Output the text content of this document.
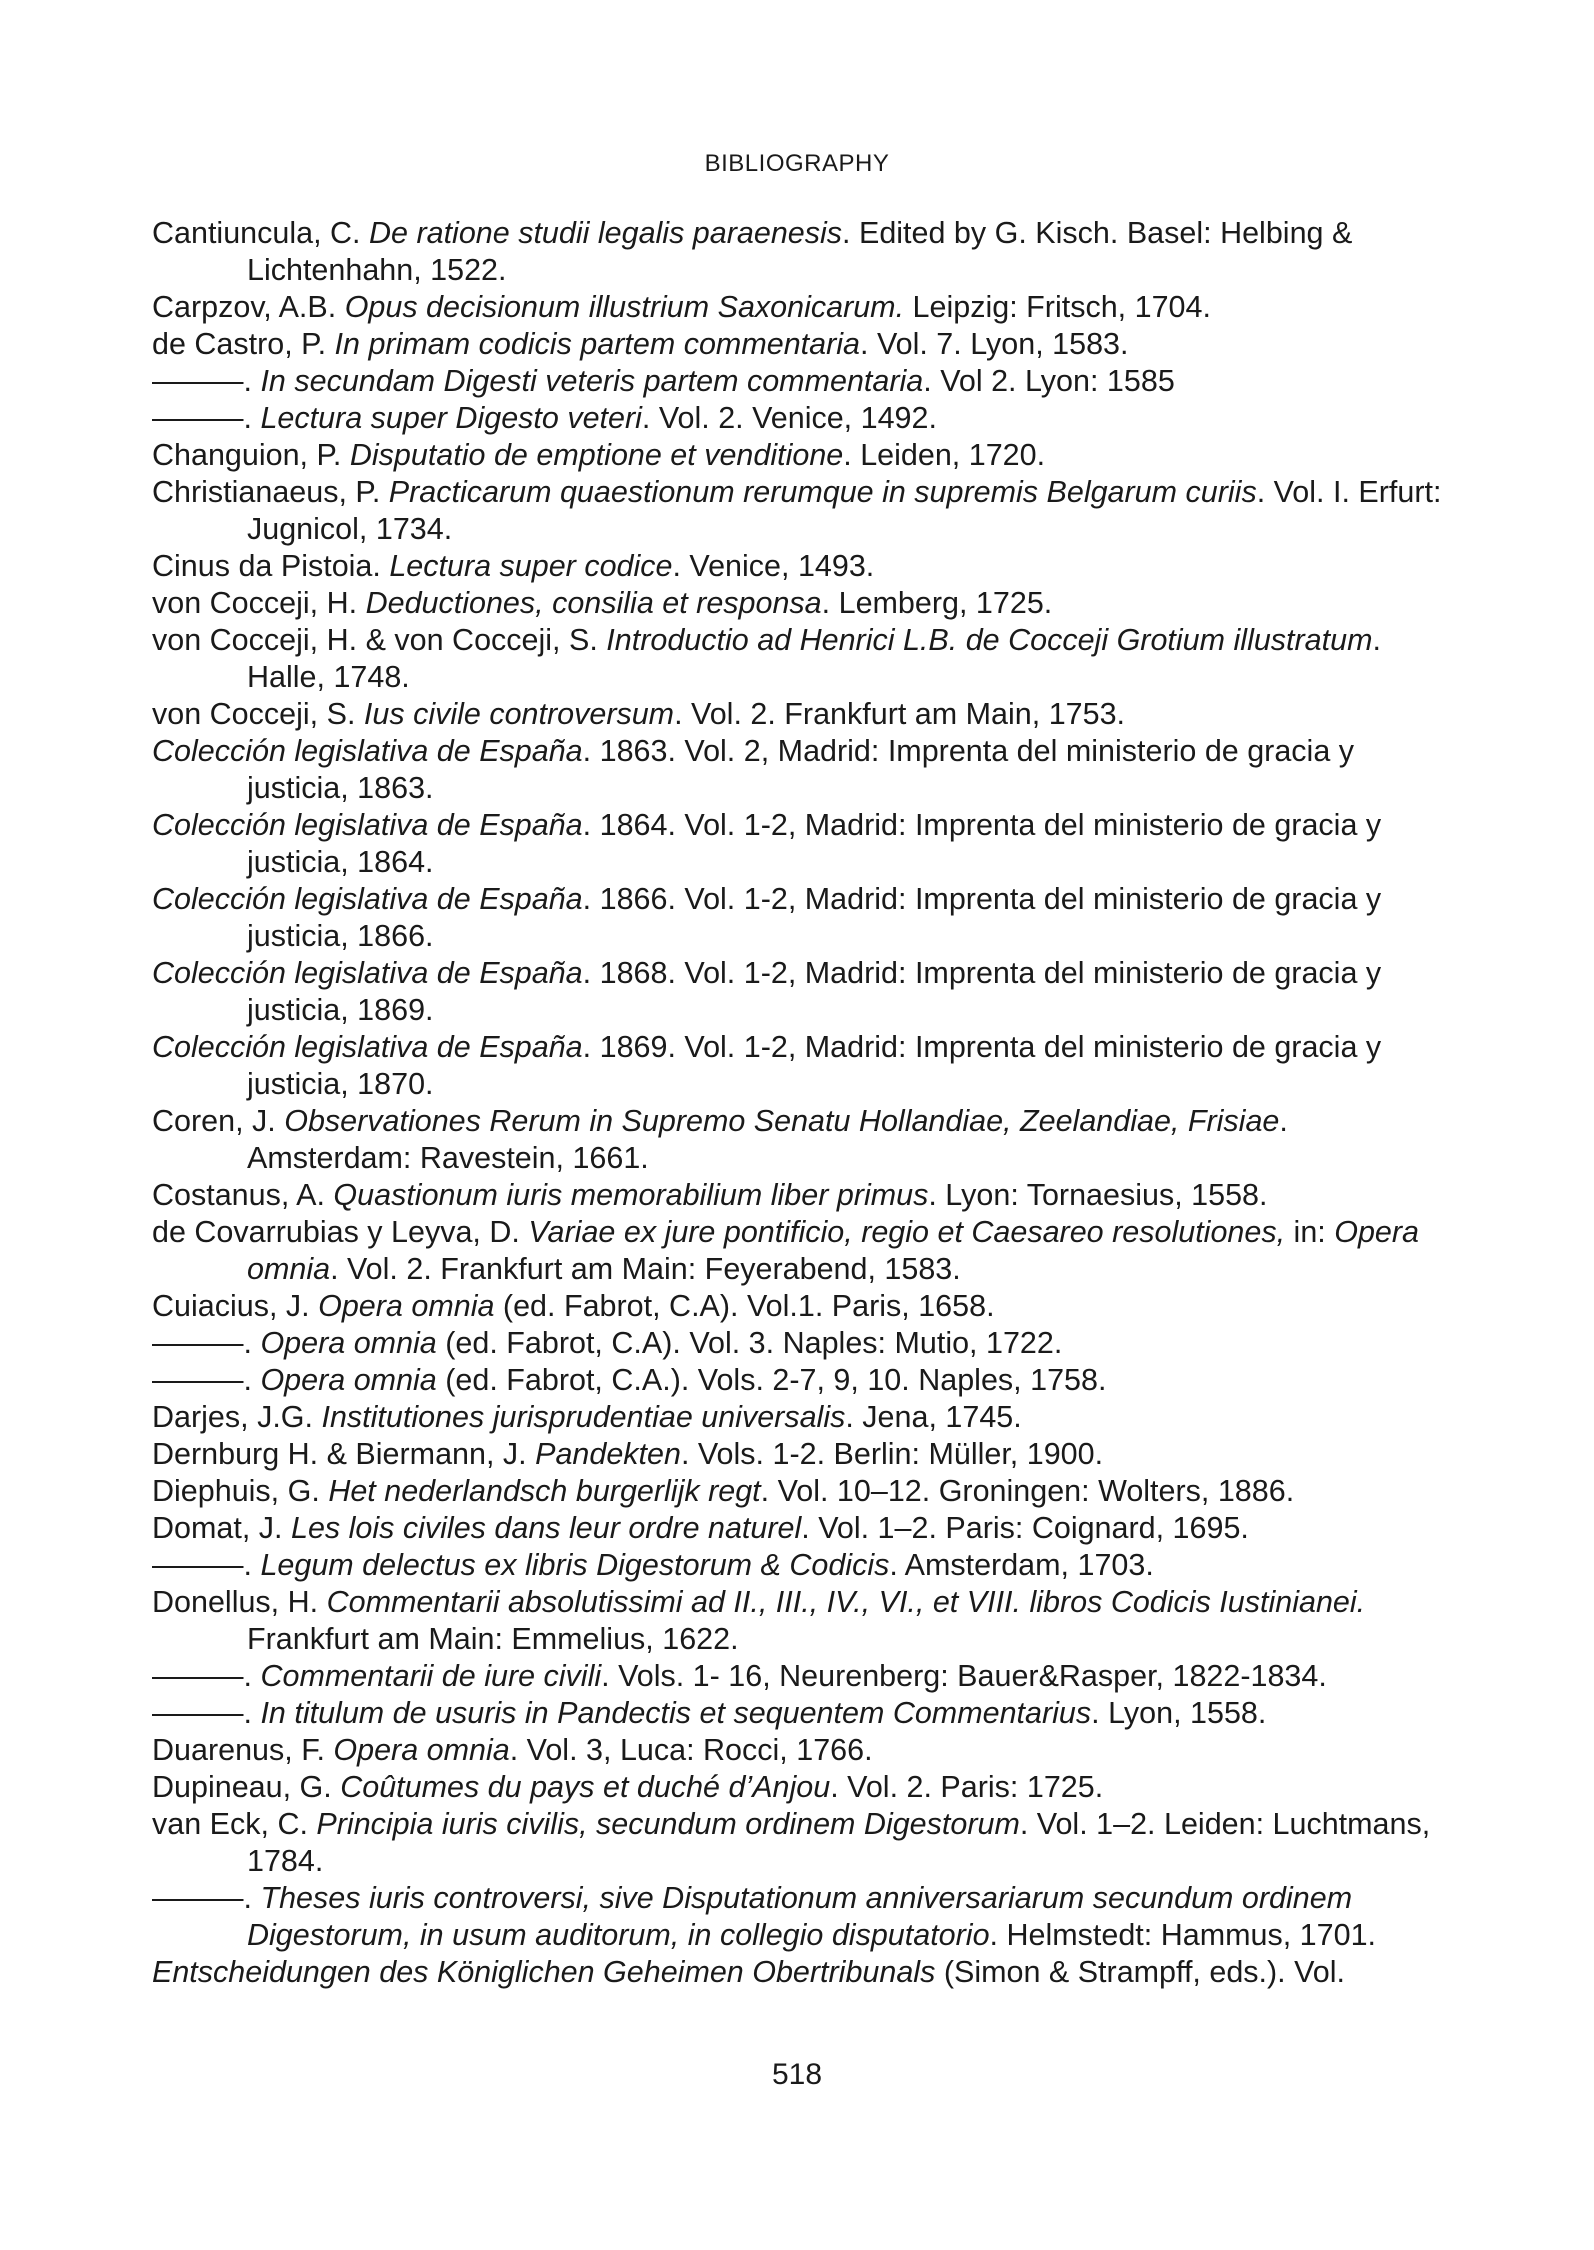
BIBLIOGRAPHY

Cantiuncula, C. De ratione studii legalis paraenesis. Edited by G. Kisch. Basel: Helbing & Lichtenhahn, 1522.

Carpzov, A.B. Opus decisionum illustrium Saxonicarum. Leipzig: Fritsch, 1704.

de Castro, P. In primam codicis partem commentaria. Vol. 7. Lyon, 1583.

———. In secundam Digesti veteris partem commentaria. Vol 2. Lyon: 1585

———. Lectura super Digesto veteri. Vol. 2. Venice, 1492.

Changuion, P. Disputatio de emptione et venditione. Leiden, 1720.

Christianaeus, P. Practicarum quaestionum rerumque in supremis Belgarum curiis. Vol. I. Erfurt: Jugnicol, 1734.

Cinus da Pistoia. Lectura super codice. Venice, 1493.

von Cocceji, H. Deductiones, consilia et responsa. Lemberg, 1725.

von Cocceji, H. & von Cocceji, S. Introductio ad Henrici L.B. de Cocceji Grotium illustratum. Halle, 1748.

von Cocceji, S. Ius civile controversum. Vol. 2. Frankfurt am Main, 1753.

Colección legislativa de España. 1863. Vol. 2, Madrid: Imprenta del ministerio de gracia y justicia, 1863.

Colección legislativa de España. 1864. Vol. 1-2, Madrid: Imprenta del ministerio de gracia y justicia, 1864.

Colección legislativa de España. 1866. Vol. 1-2, Madrid: Imprenta del ministerio de gracia y justicia, 1866.

Colección legislativa de España. 1868. Vol. 1-2, Madrid: Imprenta del ministerio de gracia y justicia, 1869.

Colección legislativa de España. 1869. Vol. 1-2, Madrid: Imprenta del ministerio de gracia y justicia, 1870.

Coren, J. Observationes Rerum in Supremo Senatu Hollandiae, Zeelandiae, Frisiae. Amsterdam: Ravestein, 1661.

Costanus, A. Quastionum iuris memorabilium liber primus. Lyon: Tornaesius, 1558.

de Covarrubias y Leyva, D. Variae ex jure pontificio, regio et Caesareo resolutiones, in: Opera omnia. Vol. 2. Frankfurt am Main: Feyerabend, 1583.

Cuiacius, J. Opera omnia (ed. Fabrot, C.A). Vol.1. Paris, 1658.

———. Opera omnia (ed. Fabrot, C.A). Vol. 3. Naples: Mutio, 1722.

———. Opera omnia (ed. Fabrot, C.A.). Vols. 2-7, 9, 10. Naples, 1758.

Darjes, J.G. Institutiones jurisprudentiae universalis. Jena, 1745.

Dernburg H. & Biermann, J. Pandekten. Vols. 1-2. Berlin: Müller, 1900.

Diephuis, G. Het nederlandsch burgerlijk regt. Vol. 10–12. Groningen: Wolters, 1886.

Domat, J. Les lois civiles dans leur ordre naturel. Vol. 1–2. Paris: Coignard, 1695.

———. Legum delectus ex libris Digestorum & Codicis. Amsterdam, 1703.

Donellus, H. Commentarii absolutissimi ad II., III., IV., VI., et VIII. libros Codicis Iustinianei. Frankfurt am Main: Emmelius, 1622.

———. Commentarii de iure civili. Vols. 1- 16, Neurenberg: Bauer&Rasper, 1822-1834.

———. In titulum de usuris in Pandectis et sequentem Commentarius. Lyon, 1558.

Duarenus, F. Opera omnia. Vol. 3, Luca: Rocci, 1766.

Dupineau, G. Coûtumes du pays et duché d’Anjou. Vol. 2. Paris: 1725.

van Eck, C. Principia iuris civilis, secundum ordinem Digestorum. Vol. 1–2. Leiden: Luchtmans, 1784.

———. Theses iuris controversi, sive Disputationum anniversariarum secundum ordinem Digestorum, in usum auditorum, in collegio disputatorio. Helmstedt: Hammus, 1701.

Entscheidungen des Königlichen Geheimen Obertribunals (Simon & Strampff, eds.). Vol.

518
